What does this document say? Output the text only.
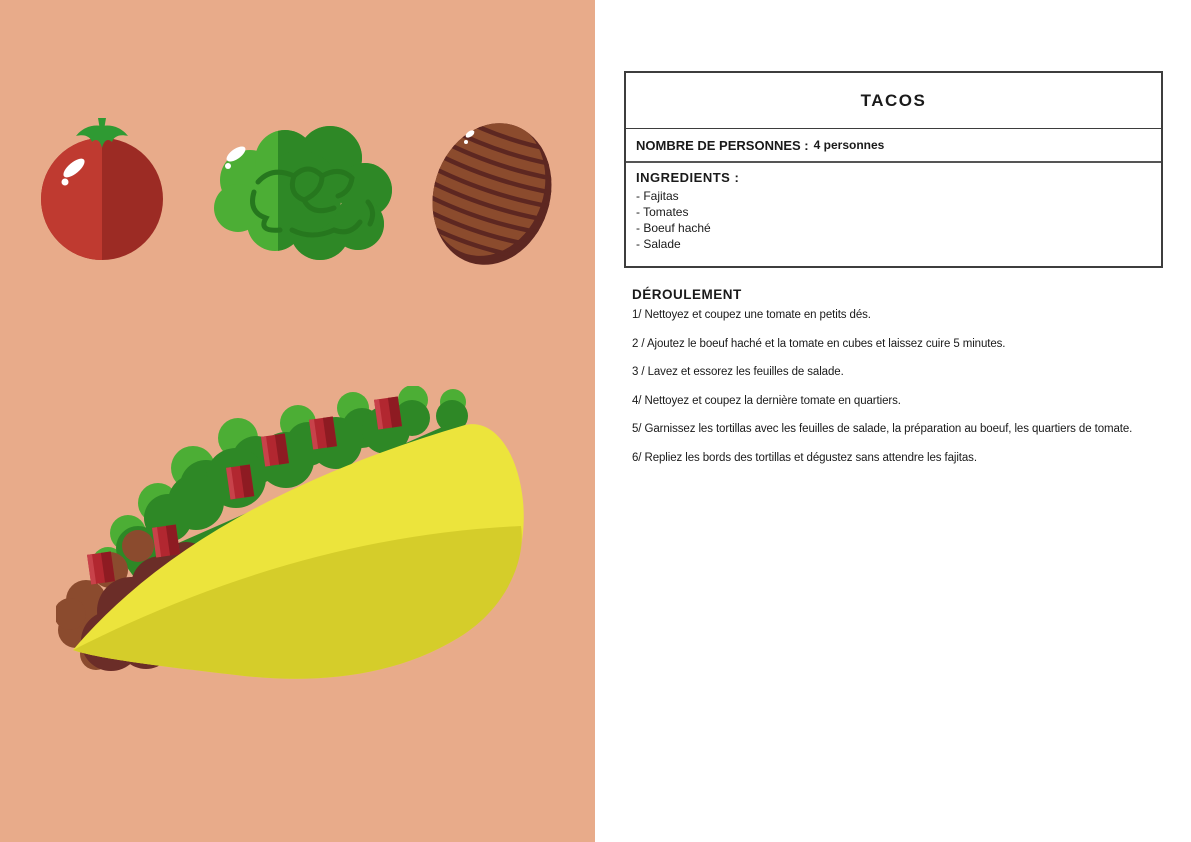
TACOS
NOMBRE DE PERSONNES : 4 personnes
INGREDIENTS :
- Fajitas
- Tomates
- Boeuf haché
- Salade
DÉROULEMENT
1/ Nettoyez et coupez une tomate en petits dés.
2 / Ajoutez le boeuf haché et la tomate en cubes et laissez cuire 5 minutes.
3 / Lavez et essorez les feuilles de salade.
4/ Nettoyez et coupez la dernière tomate en quartiers.
5/ Garnissez les tortillas avec les feuilles de salade, la préparation au boeuf, les quartiers de tomate.
6/ Repliez les bords des tortillas et dégustez sans attendre les fajitas.
